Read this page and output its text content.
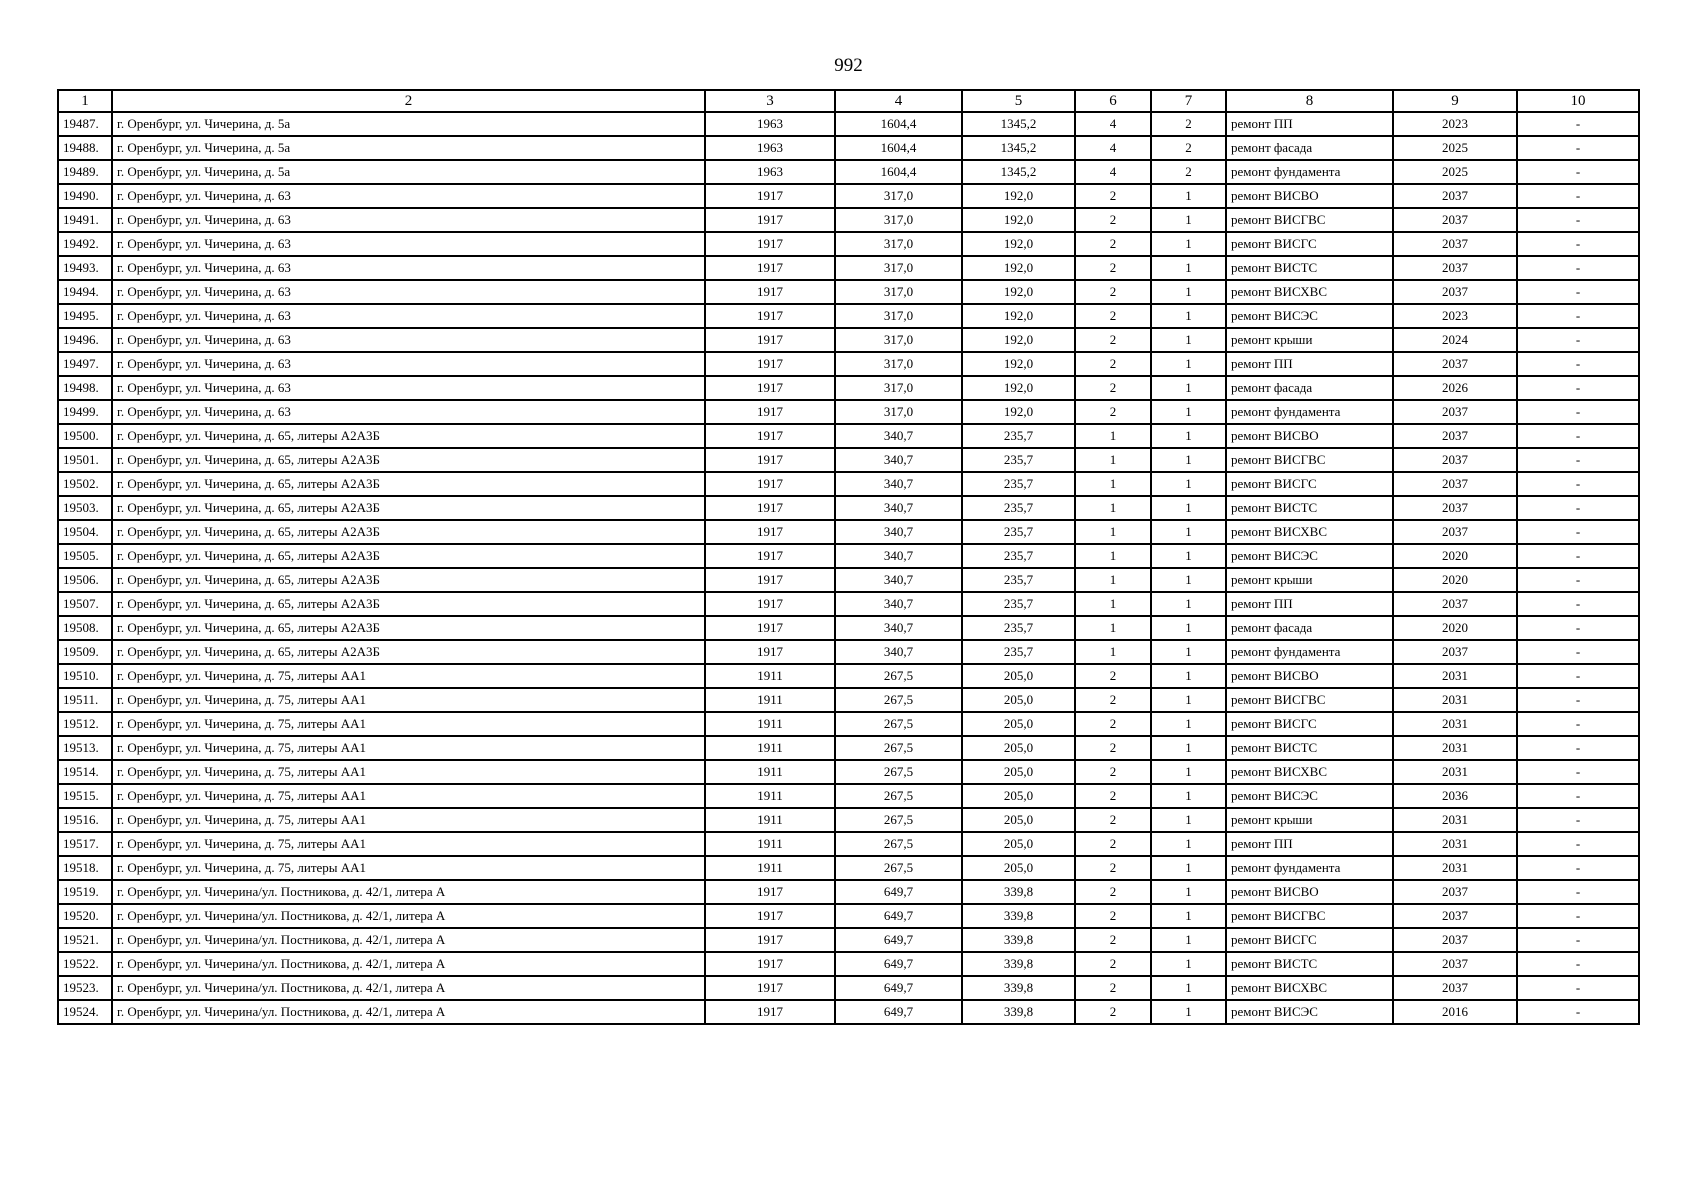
992
1	2	3	4	5	6	7	8	9	10
19487.	г. Оренбург, ул. Чичерина, д. 5а	1963	1604,4	1345,2	4	2	ремонт ПП	2023	-
19488.	г. Оренбург, ул. Чичерина, д. 5а	1963	1604,4	1345,2	4	2	ремонт фасада	2025	-
19489.	г. Оренбург, ул. Чичерина, д. 5а	1963	1604,4	1345,2	4	2	ремонт фундамента	2025	-
19490.	г. Оренбург, ул. Чичерина, д. 63	1917	317,0	192,0	2	1	ремонт ВИСВО	2037	-
19491.	г. Оренбург, ул. Чичерина, д. 63	1917	317,0	192,0	2	1	ремонт ВИСГВС	2037	-
19492.	г. Оренбург, ул. Чичерина, д. 63	1917	317,0	192,0	2	1	ремонт ВИСГС	2037	-
19493.	г. Оренбург, ул. Чичерина, д. 63	1917	317,0	192,0	2	1	ремонт ВИСТС	2037	-
19494.	г. Оренбург, ул. Чичерина, д. 63	1917	317,0	192,0	2	1	ремонт ВИСХВС	2037	-
19495.	г. Оренбург, ул. Чичерина, д. 63	1917	317,0	192,0	2	1	ремонт ВИСЭС	2023	-
19496.	г. Оренбург, ул. Чичерина, д. 63	1917	317,0	192,0	2	1	ремонт крыши	2024	-
19497.	г. Оренбург, ул. Чичерина, д. 63	1917	317,0	192,0	2	1	ремонт ПП	2037	-
19498.	г. Оренбург, ул. Чичерина, д. 63	1917	317,0	192,0	2	1	ремонт фасада	2026	-
19499.	г. Оренбург, ул. Чичерина, д. 63	1917	317,0	192,0	2	1	ремонт фундамента	2037	-
19500.	г. Оренбург, ул. Чичерина, д. 65, литеры А2А3Б	1917	340,7	235,7	1	1	ремонт ВИСВО	2037	-
19501.	г. Оренбург, ул. Чичерина, д. 65, литеры А2А3Б	1917	340,7	235,7	1	1	ремонт ВИСГВС	2037	-
19502.	г. Оренбург, ул. Чичерина, д. 65, литеры А2А3Б	1917	340,7	235,7	1	1	ремонт ВИСГС	2037	-
19503.	г. Оренбург, ул. Чичерина, д. 65, литеры А2А3Б	1917	340,7	235,7	1	1	ремонт ВИСТС	2037	-
19504.	г. Оренбург, ул. Чичерина, д. 65, литеры А2А3Б	1917	340,7	235,7	1	1	ремонт ВИСХВС	2037	-
19505.	г. Оренбург, ул. Чичерина, д. 65, литеры А2А3Б	1917	340,7	235,7	1	1	ремонт ВИСЭС	2020	-
19506.	г. Оренбург, ул. Чичерина, д. 65, литеры А2А3Б	1917	340,7	235,7	1	1	ремонт крыши	2020	-
19507.	г. Оренбург, ул. Чичерина, д. 65, литеры А2А3Б	1917	340,7	235,7	1	1	ремонт ПП	2037	-
19508.	г. Оренбург, ул. Чичерина, д. 65, литеры А2А3Б	1917	340,7	235,7	1	1	ремонт фасада	2020	-
19509.	г. Оренбург, ул. Чичерина, д. 65, литеры А2А3Б	1917	340,7	235,7	1	1	ремонт фундамента	2037	-
19510.	г. Оренбург, ул. Чичерина, д. 75, литеры АА1	1911	267,5	205,0	2	1	ремонт ВИСВО	2031	-
19511.	г. Оренбург, ул. Чичерина, д. 75, литеры АА1	1911	267,5	205,0	2	1	ремонт ВИСГВС	2031	-
19512.	г. Оренбург, ул. Чичерина, д. 75, литеры АА1	1911	267,5	205,0	2	1	ремонт ВИСГС	2031	-
19513.	г. Оренбург, ул. Чичерина, д. 75, литеры АА1	1911	267,5	205,0	2	1	ремонт ВИСТС	2031	-
19514.	г. Оренбург, ул. Чичерина, д. 75, литеры АА1	1911	267,5	205,0	2	1	ремонт ВИСХВС	2031	-
19515.	г. Оренбург, ул. Чичерина, д. 75, литеры АА1	1911	267,5	205,0	2	1	ремонт ВИСЭС	2036	-
19516.	г. Оренбург, ул. Чичерина, д. 75, литеры АА1	1911	267,5	205,0	2	1	ремонт крыши	2031	-
19517.	г. Оренбург, ул. Чичерина, д. 75, литеры АА1	1911	267,5	205,0	2	1	ремонт ПП	2031	-
19518.	г. Оренбург, ул. Чичерина, д. 75, литеры АА1	1911	267,5	205,0	2	1	ремонт фундамента	2031	-
19519.	г. Оренбург, ул. Чичерина/ул. Постникова, д. 42/1, литера А	1917	649,7	339,8	2	1	ремонт ВИСВО	2037	-
19520.	г. Оренбург, ул. Чичерина/ул. Постникова, д. 42/1, литера А	1917	649,7	339,8	2	1	ремонт ВИСГВС	2037	-
19521.	г. Оренбург, ул. Чичерина/ул. Постникова, д. 42/1, литера А	1917	649,7	339,8	2	1	ремонт ВИСГС	2037	-
19522.	г. Оренбург, ул. Чичерина/ул. Постникова, д. 42/1, литера А	1917	649,7	339,8	2	1	ремонт ВИСТС	2037	-
19523.	г. Оренбург, ул. Чичерина/ул. Постникова, д. 42/1, литера А	1917	649,7	339,8	2	1	ремонт ВИСХВС	2037	-
19524.	г. Оренбург, ул. Чичерина/ул. Постникова, д. 42/1, литера А	1917	649,7	339,8	2	1	ремонт ВИСЭС	2016	-
